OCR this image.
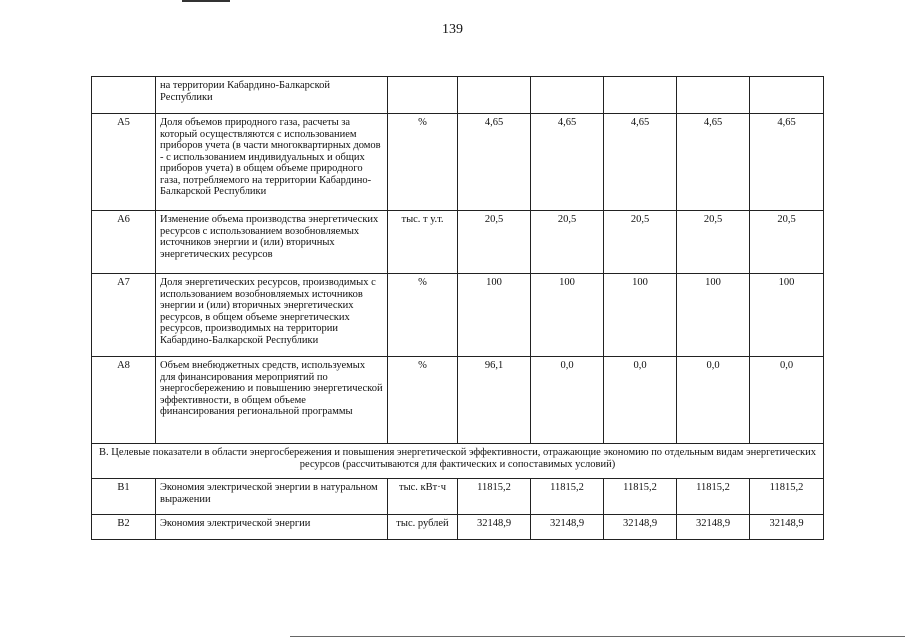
139
	на территории Кабардино-Балкарской Республики						
А5	Доля объемов природного газа, расчеты за который осуществляются с использованием приборов учета (в части многоквартирных домов - с использованием индивидуальных и общих приборов учета) в общем объеме природного газа, потребляемого на территории Кабардино-Балкарской Республики	%	4,65	4,65	4,65	4,65	4,65
А6	Изменение объема производства энергетических ресурсов с использованием возобновляемых источников энергии и (или) вторичных энергетических ресурсов	тыс. т у.т.	20,5	20,5	20,5	20,5	20,5
А7	Доля энергетических ресурсов, производимых с использованием возобновляемых источников энергии и (или) вторичных энергетических ресурсов, в общем объеме энергетических ресурсов, производимых на территории Кабардино-Балкарской Республики	%	100	100	100	100	100
А8	Объем внебюджетных средств, используемых для финансирования мероприятий по энергосбережению и повышению энергетической эффективности, в общем объеме финансирования региональной программы	%	96,1	0,0	0,0	0,0	0,0
В. Целевые показатели в области энергосбережения и повышения энергетической эффективности, отражающие экономию по отдельным видам энергетических ресурсов (рассчитываются для фактических и сопоставимых условий)							
В1	Экономия электрической энергии в натуральном выражении	тыс. кВт·ч	11815,2	11815,2	11815,2	11815,2	11815,2
В2	Экономия электрической энергии	тыс. рублей	32148,9	32148,9	32148,9	32148,9	32148,9
